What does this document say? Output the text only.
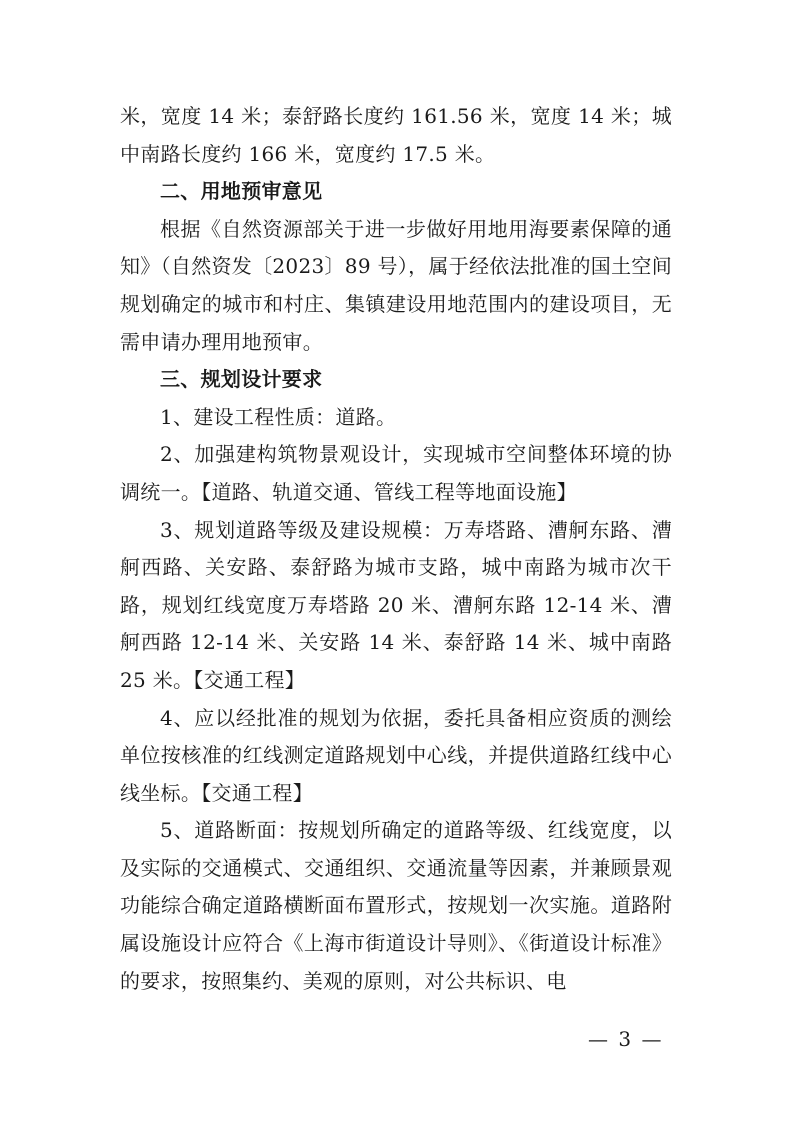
米，宽度 14 米；泰舒路长度约 161.56 米，宽度 14 米；城中南路长度约 166 米，宽度约 17.5 米。

二、用地预审意见

根据《自然资源部关于进一步做好用地用海要素保障的通知》（自然资发〔2023〕89 号），属于经依法批准的国土空间规划确定的城市和村庄、集镇建设用地范围内的建设项目，无需申请办理用地预审。

三、规划设计要求

1、建设工程性质：道路。

2、加强建构筑物景观设计，实现城市空间整体环境的协调统一。【道路、轨道交通、管线工程等地面设施】

3、规划道路等级及建设规模：万寿塔路、漕舸东路、漕舸西路、关安路、泰舒路为城市支路，城中南路为城市次干路，规划红线宽度万寿塔路 20 米、漕舸东路 12-14 米、漕舸西路 12-14 米、关安路 14 米、泰舒路 14 米、城中南路 25 米。【交通工程】

4、应以经批准的规划为依据，委托具备相应资质的测绘单位按核准的红线测定道路规划中心线，并提供道路红线中心线坐标。【交通工程】

5、道路断面：按规划所确定的道路等级、红线宽度，以及实际的交通模式、交通组织、交通流量等因素，并兼顾景观功能综合确定道路横断面布置形式，按规划一次实施。道路附属设施设计应符合《上海市街道设计导则》、《街道设计标准》的要求，按照集约、美观的原则，对公共标识、电

— 3 —
